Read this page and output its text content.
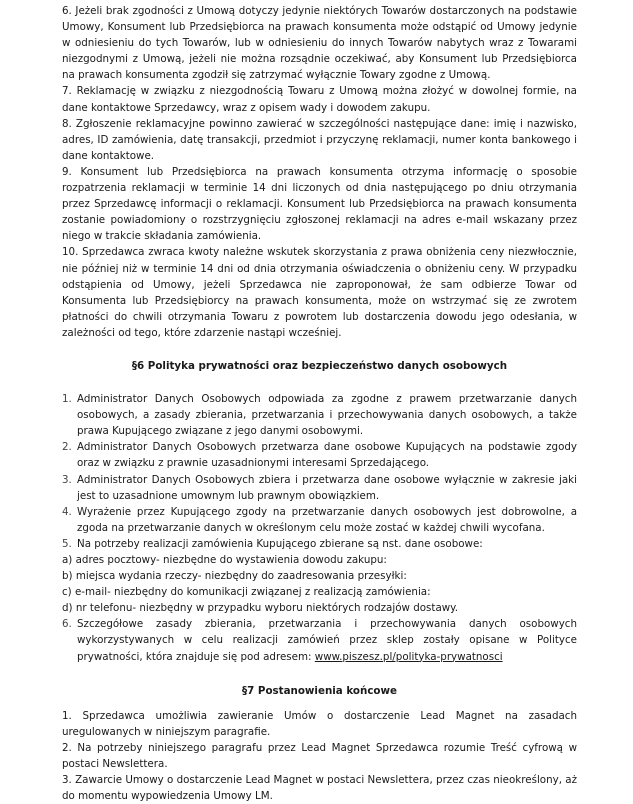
6. Jeżeli brak zgodności z Umową dotyczy jedynie niektórych Towarów dostarczonych na podstawie Umowy, Konsument lub Przedsiębiorca na prawach konsumenta może odstąpić od Umowy jedynie w odniesieniu do tych Towarów, lub w odniesieniu do innych Towarów nabytych wraz z Towarami niezgodnymi z Umową, jeżeli nie można rozsądnie oczekiwać, aby Konsument lub Przedsiębiorca na prawach konsumenta zgodził się zatrzymać wyłącznie Towary zgodne z Umową.

7. Reklamację w związku z niezgodnością Towaru z Umową można złożyć w dowolnej formie, na dane kontaktowe Sprzedawcy, wraz z opisem wady i dowodem zakupu.

8. Zgłoszenie reklamacyjne powinno zawierać w szczególności następujące dane: imię i nazwisko, adres, ID zamówienia, datę transakcji, przedmiot i przyczynę reklamacji, numer konta bankowego i dane kontaktowe.

9. Konsument lub Przedsiębiorca na prawach konsumenta otrzyma informację o sposobie rozpatrzenia reklamacji w terminie 14 dni liczonych od dnia następującego po dniu otrzymania przez Sprzedawcę informacji o reklamacji. Konsument lub Przedsiębiorca na prawach konsumenta zostanie powiadomiony o rozstrzygnięciu zgłoszonej reklamacji na adres e-mail wskazany przez niego w trakcie składania zamówienia.

10. Sprzedawca zwraca kwoty należne wskutek skorzystania z prawa obniżenia ceny niezwłocznie, nie później niż w terminie 14 dni od dnia otrzymania oświadczenia o obniżeniu ceny. W przypadku odstąpienia od Umowy, jeżeli Sprzedawca nie zaproponował, że sam odbierze Towar od Konsumenta lub Przedsiębiorcy na prawach konsumenta, może on wstrzymać się ze zwrotem płatności do chwili otrzymania Towaru z powrotem lub dostarczenia dowodu jego odesłania, w zależności od tego, które zdarzenie nastąpi wcześniej.

§6 Polityka prywatności oraz bezpieczeństwo danych osobowych

1. Administrator Danych Osobowych odpowiada za zgodne z prawem przetwarzanie danych osobowych, a zasady zbierania, przetwarzania i przechowywania danych osobowych, a także prawa Kupującego związane z jego danymi osobowymi.
2. Administrator Danych Osobowych przetwarza dane osobowe Kupujących na podstawie zgody oraz w związku z prawnie uzasadnionymi interesami Sprzedającego.
3. Administrator Danych Osobowych zbiera i przetwarza dane osobowe wyłącznie w zakresie jaki jest to uzasadnione umownym lub prawnym obowiązkiem.
4. Wyrażenie przez Kupującego zgody na przetwarzanie danych osobowych jest dobrowolne, a zgoda na przetwarzanie danych w określonym celu może zostać w każdej chwili wycofana.
5. Na potrzeby realizacji zamówienia Kupującego zbierane są nst. dane osobowe:

a) adres pocztowy- niezbędne do wystawienia dowodu zakupu:

b) miejsca wydania rzeczy- niezbędny do zaadresowania przesyłki:

c) e-mail- niezbędny do komunikacji związanej z realizacją zamówienia:

d) nr telefonu- niezbędny w przypadku wyboru niektórych rodzajów dostawy.

6. Szczegółowe zasady zbierania, przetwarzania i przechowywania danych osobowych wykorzystywanych w celu realizacji zamówień przez sklep zostały opisane w Polityce prywatności, która znajduje się pod adresem: www.piszesz.pl/polityka-prywatnosci

§7 Postanowienia końcowe

1. Sprzedawca umożliwia zawieranie Umów o dostarczenie Lead Magnet na zasadach uregulowanych w niniejszym paragrafie.

2. Na potrzeby niniejszego paragrafu przez Lead Magnet Sprzedawca rozumie Treść cyfrową w postaci Newslettera.

3. Zawarcie Umowy o dostarczenie Lead Magnet w postaci Newslettera, przez czas nieokreślony, aż do momentu wypowiedzenia Umowy LM.
